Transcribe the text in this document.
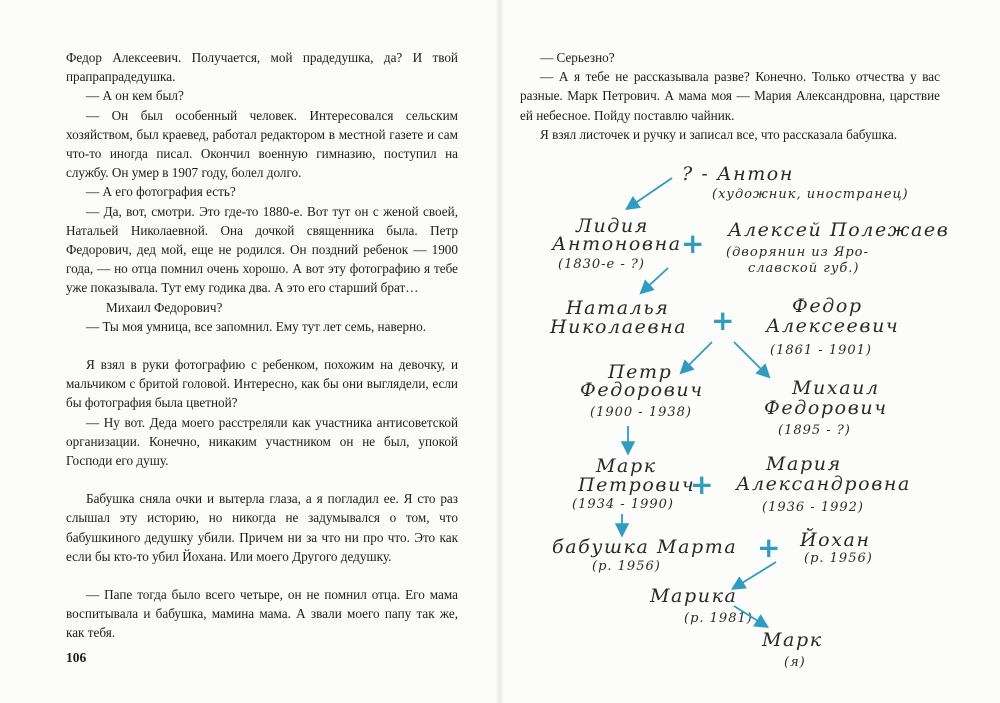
Федор Алексеевич. Получается, мой прадедушка, да? И твой прапрапрадедушка.

— А он кем был?

— Он был особенный человек. Интересовался сельским хозяйством, был краевед, работал редактором в местной газете и сам что-то иногда писал. Окончил военную гимназию, поступил на службу. Он умер в 1907 году, болел долго.

— А его фотография есть?

— Да, вот, смотри. Это где-то 1880-е. Вот тут он с женой своей, Натальей Николаевной. Она дочкой священника была. Петр Федорович, дед мой, еще не родился. Он поздний ребенок — 1900 года, — но отца помнил очень хорошо. А вот эту фотографию я тебе уже показывала. Тут ему годика два. А это его старший брат…

Михаил Федорович?

— Ты моя умница, все запомнил. Ему тут лет семь, наверно.

Я взял в руки фотографию с ребенком, похожим на девочку, и мальчиком с бритой головой. Интересно, как бы они выглядели, если бы фотография была цветной?

— Ну вот. Деда моего расстреляли как участника антисоветской организации. Конечно, никаким участником он не был, упокой Господи его душу.

Бабушка сняла очки и вытерла глаза, а я погладил ее. Я сто раз слышал эту историю, но никогда не задумывался о том, что бабушкиного дедушку убили. Причем ни за что ни про что. Это как если бы кто-то убил Йохана. Или моего Другого дедушку.

— Папе тогда было всего четыре, он не помнил отца. Его мама воспитывала и бабушка, мамина мама. А звали моего папу так же, как тебя.

106

— Серьезно?

— А я тебе не рассказывала разве? Конечно. Только отчества у вас разные. Марк Петрович. А мама моя — Мария Александровна, царствие ей небесное. Пойду поставлю чайник.

Я взял листочек и ручку и записал все, что рассказала бабушка.

? - Антон
(художник, иностранец)
Лидия
Антоновна
(1830-е - ?)
+ Алексей Полежаев
(дворянин из Яро-
славской губ.)
Наталья
Николаевна +	Федор
Алексеевич
(1861 - 1901)
Петр
Федорович
(1900 - 1938)
Михаил
Федорович
(1895 - ?)
Марк
Петрович
(1934 - 1990)
+
Мария
Александровна
(1936 - 1992)
бабушка Марта
(р. 1956)
+ Йохан
(р. 1956)
Марика
(р. 1981)
Марк
(я)
